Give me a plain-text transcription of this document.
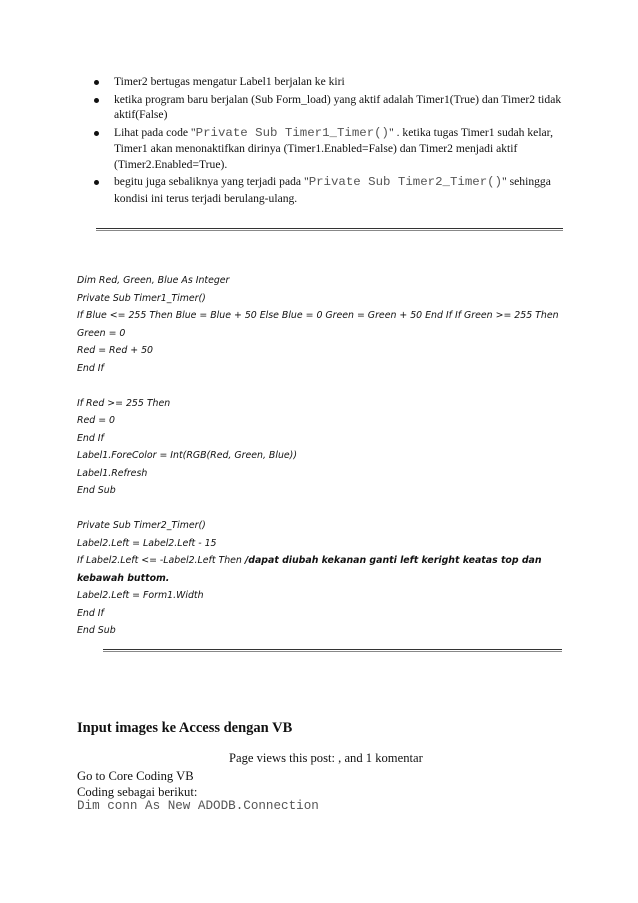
Timer2 bertugas mengatur Label1 berjalan ke kiri
ketika program baru berjalan (Sub Form_load) yang aktif adalah Timer1(True) dan Timer2 tidak aktif(False)
Lihat pada code "Private Sub Timer1_Timer()" . ketika tugas Timer1 sudah kelar, Timer1 akan menonaktifkan dirinya (Timer1.Enabled=False) dan Timer2 menjadi aktif (Timer2.Enabled=True).
begitu juga sebaliknya yang terjadi pada "Private Sub Timer2_Timer()" sehingga kondisi ini terus terjadi berulang-ulang.
Dim Red, Green, Blue As Integer
Private Sub Timer1_Timer()
If Blue <= 255 Then Blue = Blue + 50 Else Blue = 0 Green = Green + 50 End If If Green >= 255 Then
Green = 0
Red = Red + 50
End If
If Red >= 255 Then
Red = 0
End If
Label1.ForeColor = Int(RGB(Red, Green, Blue))
Label1.Refresh
End Sub
Private Sub Timer2_Timer()
Label2.Left = Label2.Left - 15
If Label2.Left <= -Label2.Left Then /dapat diubah kekanan ganti left keright keatas top dan
kebawah buttom.
Label2.Left = Form1.Width
End If
End Sub
Input images ke Access dengan VB
Page views this post: , and 1 komentar
Go to Core Coding VB
Coding sebagai berikut:
Dim conn As New ADODB.Connection
